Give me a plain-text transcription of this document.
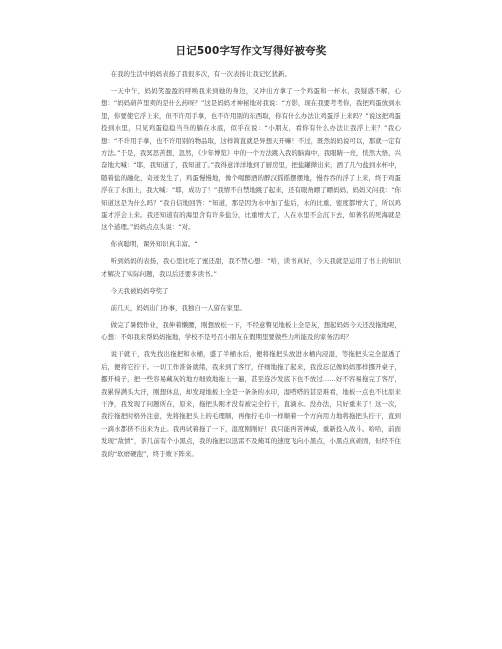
日记500字写作文写得好被夸奖

在我的生活中妈妈表扬了我很多次，有一次表扬让我记忆犹新。

一天中午，妈妈笑盈盈的呼唤我来到她的身边，又冲出方拿了一个鸡蛋和一杯水，我疑惑不解，心想：“妈妈葫芦里卖的是什么药呀？”这是妈妈才神秘地对我说：“方影，现在我要考考你，我把鸡蛋放到水里，你要使它浮上来，但不许用手拿，也不许用别的东西取，你有什么办法让鸡蛋浮上来吗？”说这把鸡蛋投到水里，只见鸡蛋稳稳当当的躺在水底，似乎在说：“小朋友，看你有什么办法让我浮上来？”我心想：“不许用手拿，也不许用别的物品取，这样简直就是异想天开嘛！不过，既然妈妈说可以，那就一定有方法。”于是，我冥思苦想，忽然，《少年博览》中的一个方法跳入我的脑海中，我眼睛一亮，恍然大悟，兴奋地大喊：“耶，我知道了，我知道了。”我得意洋洋地到了厨房里，把盐罐撵出来，洒了几勺盐到水杯中，随着盐的融化，奇迹发生了，鸡蛋慢慢地，像个喝醉酒的醉汉摇摇摆摆地，慢吞吞的浮了上来，终于鸡蛋浮在了水面上，我大喊：“耶，成功了！”我情不自禁地跳了起来，还有眼角瞟了瞟妈妈，妈妈又问我：“你知道这是为什么吗？”我自信地回答：“知道，那是因为水中加了盐后，水的比重、密度都增大了，所以鸡蛋才浮会上来。我还知道有的海里含有许多盐分，比重增大了，人在水里不会沉下去，如著名的死海就是这个道理。”妈妈点点头说：“对。

你真聪明，课外知识真丰富。“

听到妈妈的表扬，我心里比吃了蜜还甜，我不禁心想：“哈，读书真好，今天我就是运用了书上的知识才解决了实际问题，我以后还要多读书。”

今天我被妈妈夸奖了

前几天，妈妈出门办事，我独自一人留在家里。

做完了暑假作业，我伸着懒腰，刚想放松一下，不经意瞥见地板上全是灰，想起妈妈今天还没拖地呢，心想：不如我来帮妈妈拖地，学校不是号召小朋友在假期里要做些力所能及的家务活吗？

说干就干，我先找出拖把和水桶，盛了半桶水后，便将拖把头放进水桶内浸湿，等拖把头完全湿透了后，便将它拧干。一切工作准备就绪，我来到了客厅，仔细地拖了起来，我没忘记像妈妈那样挪开桌子，挪开椅子，把一些容易藏灰的地方细致地拖上一遍，甚至连沙发底下也不放过……好不容易拖完了客厅，我累得满头大汗，刚想休息，却发现地板上全是一条条的水印，湿嗒嗒的甚是难看，地板一点也不比原来干净，我发现了问题所在，原来，拖把头刚才没有被完全拧干，直滴水。没办法，只好重来了！这一次，我拧拖把时格外注意，先将拖把头上的毛理顺，再像拧毛巾一样顺着一个方向用力地将拖把头拧干，直到一滴水都挤不出来为止。我再试着拖了一下，湿度刚刚好！我只能再苦神威，重新投入战斗。哈哈，前面发现“敌情”，茶几前有个小黑点，我的拖把以迅雷不及掩耳的速度飞向小黑点，小黑点真顽固，但经不住我的“软磨硬泡”，终于败下阵来。
